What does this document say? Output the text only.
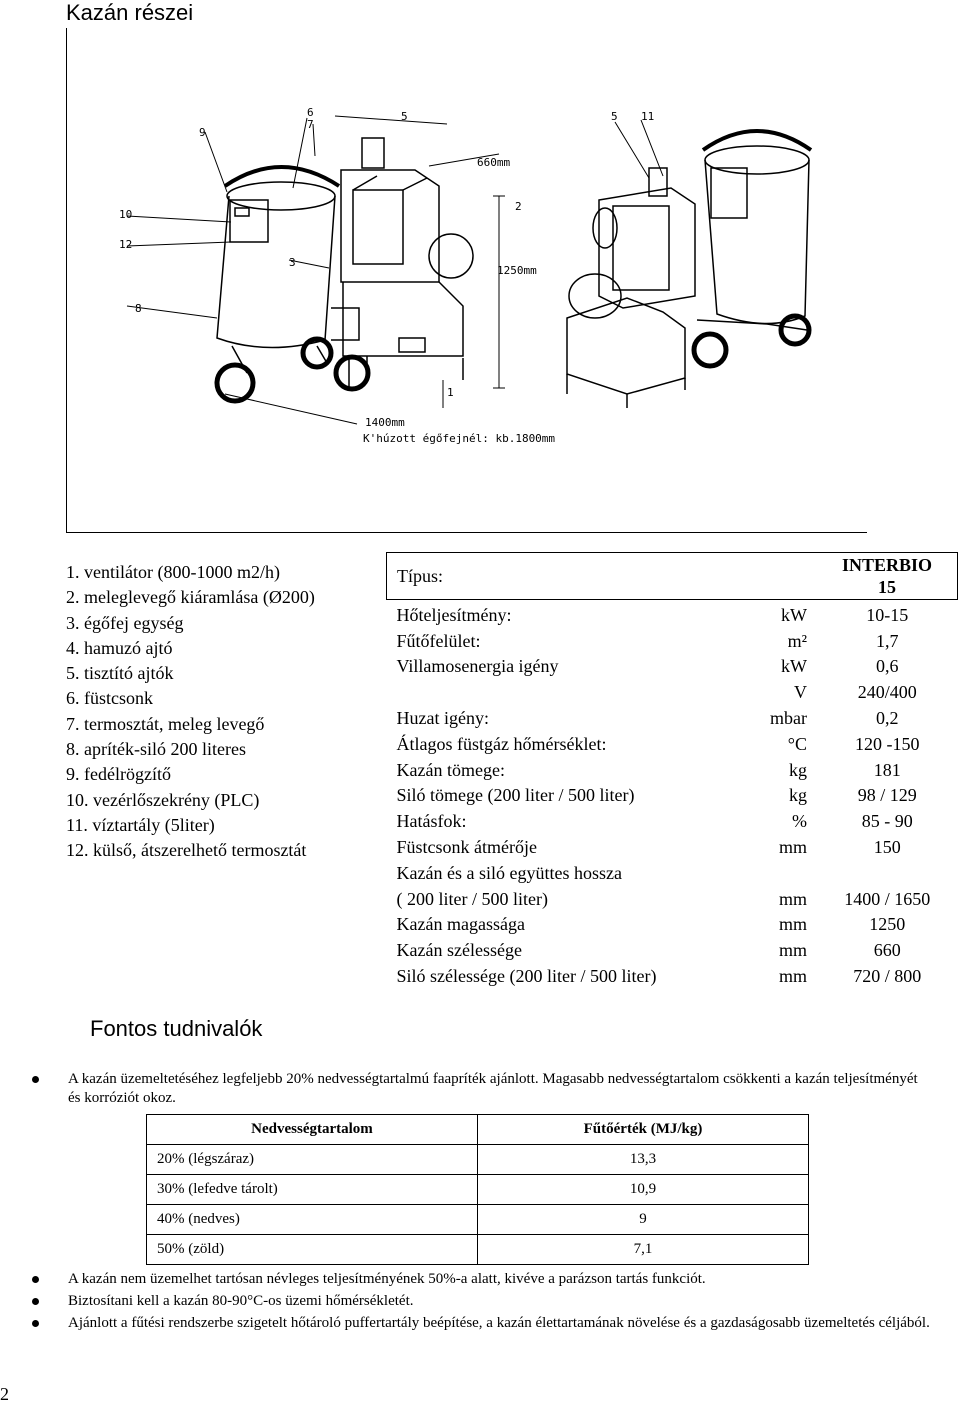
Kazán részei
9
6	5
7
10
12
3
8
2
1
5 11
660mm
1250mm
1400mm
K'húzott égőfejnél: kb.1800mm
1. ventilátor (800-1000 m2/h)
2. meleglevegő kiáramlása (Ø200)
3. égőfej egység
4. hamuzó ajtó
5. tisztító ajtók
6. füstcsonk
7. termosztát, meleg levegő
8. apríték-siló 200 literes
9. fedélrögzítő
10. vezérlőszekrény (PLC)
11. víztartály (5liter)
12. külső, átszerelhető termosztát
Típus:		INTERBIO
15
Hőteljesítmény:	kW	10-15
Fűtőfelület:	m²	1,7
Villamosenergia igény	kW	0,6
	V	240/400
Huzat igény:	mbar	0,2
Átlagos füstgáz hőmérséklet:	°C	120 -150
Kazán tömege:	kg	181
Siló tömege (200 liter / 500 liter)	kg	98 / 129
Hatásfok:	%	85 - 90
Füstcsonk átmérője	mm	150
Kazán és a siló együttes hossza		
( 200 liter / 500 liter)	mm	1400 / 1650
Kazán magassága	mm	1250
Kazán szélessége	mm	660
Siló szélessége (200 liter / 500 liter)	mm	720 / 800
Fontos tudnivalók

A kazán üzemeltetéséhez legfeljebb 20% nedvességtartalmú faapríték ajánlott. Magasabb nedvességtartalom csökkenti a kazán teljesítményét és korróziót okoz.

Nedvességtartalom	Fűtőérték (MJ/kg)
20% (légszáraz)	13,3
30% (lefedve tárolt)	10,9
40% (nedves)	9
50% (zöld)	7,1

A kazán nem üzemelhet tartósan névleges teljesítményének 50%-a alatt, kivéve a parázson tartás funkciót.

Biztosítani kell a kazán 80-90°C-os üzemi hőmérsékletét.

Ajánlott a fűtési rendszerbe szigetelt hőtároló puffertartály beépítése, a kazán élettartamának növelése és a gazdaságosabb üzemeltetés céljából.

2
